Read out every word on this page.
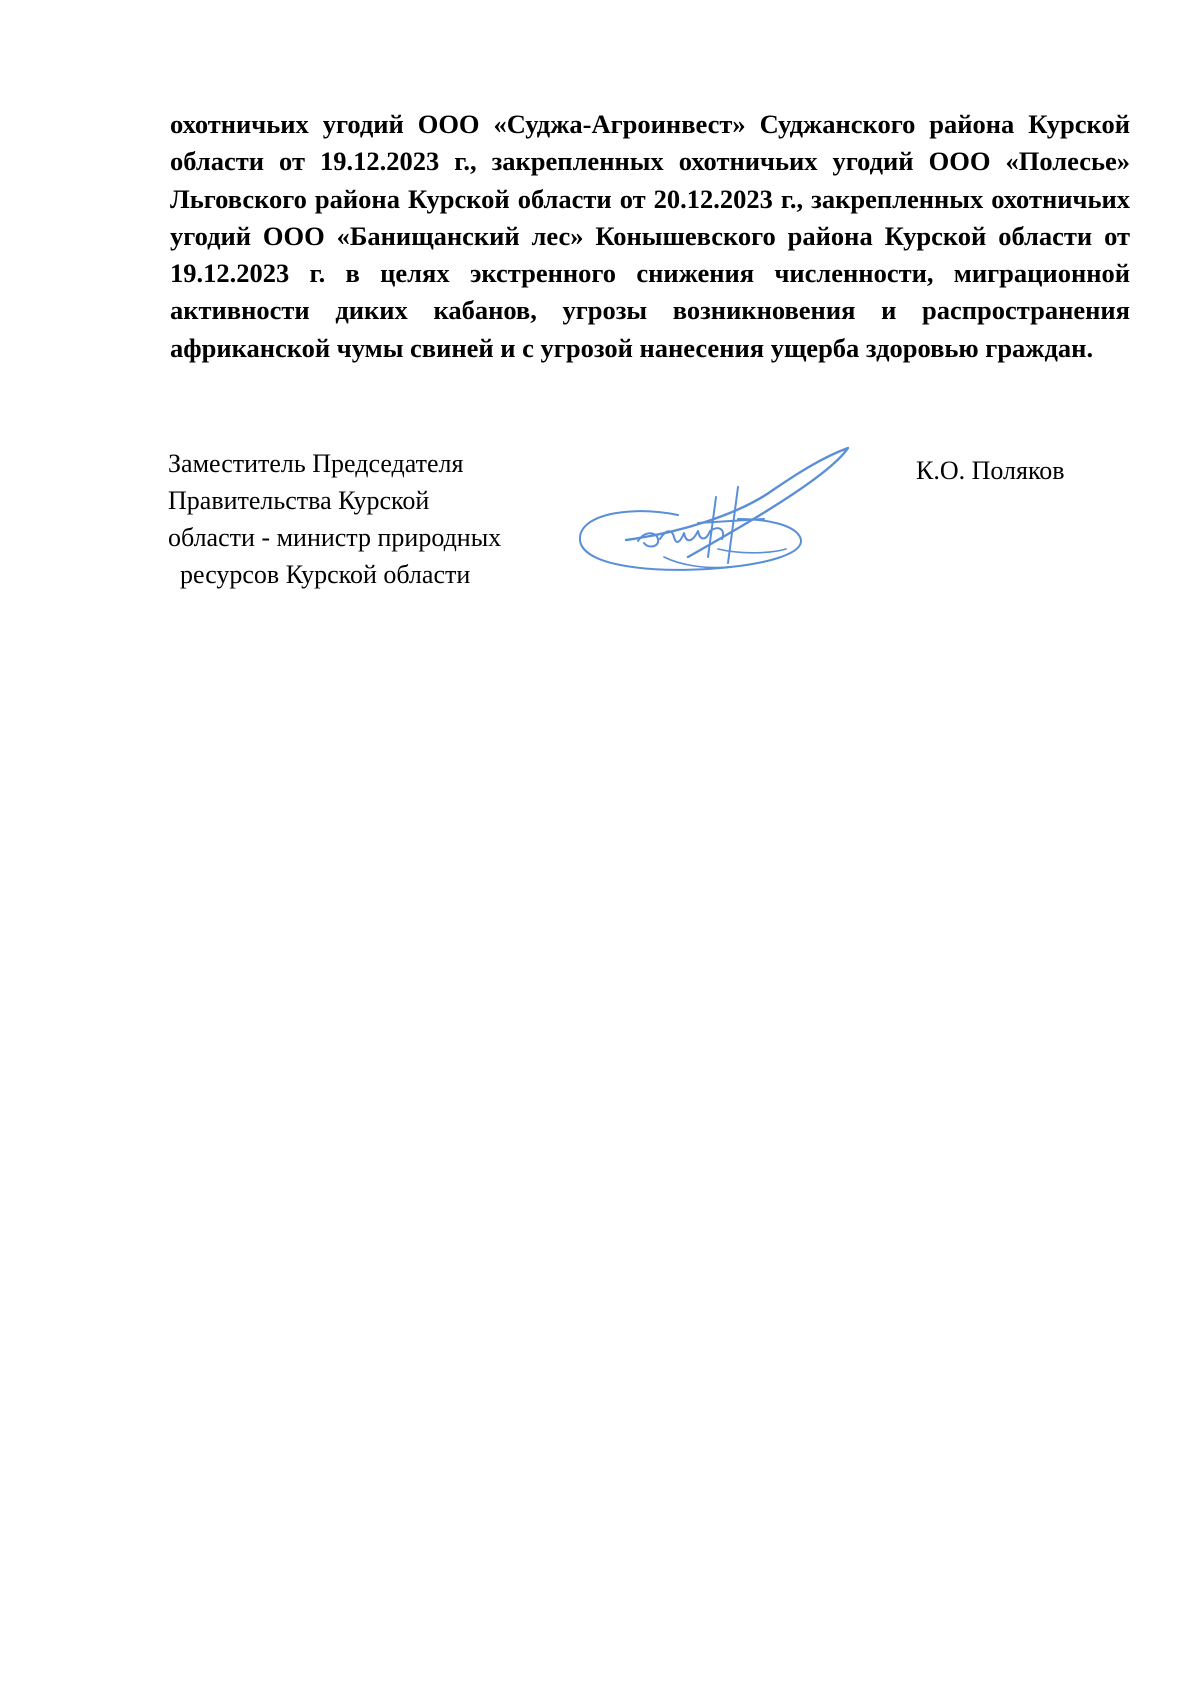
охотничьих угодий ООО «Суджа-Агроинвест» Суджанского района Курской области от 19.12.2023 г., закрепленных охотничьих угодий ООО «Полесье» Льговского района Курской области от 20.12.2023 г., закрепленных охотничьих угодий ООО «Банищанский лес» Конышевского района Курской области от 19.12.2023 г. в целях экстренного снижения численности, миграционной активности диких кабанов, угрозы возникновения и распространения африканской чумы свиней и с угрозой нанесения ущерба здоровью граждан.

Заместитель Председателя
Правительства Курской
области - министр природных
ресурсов Курской области
К.О. Поляков
